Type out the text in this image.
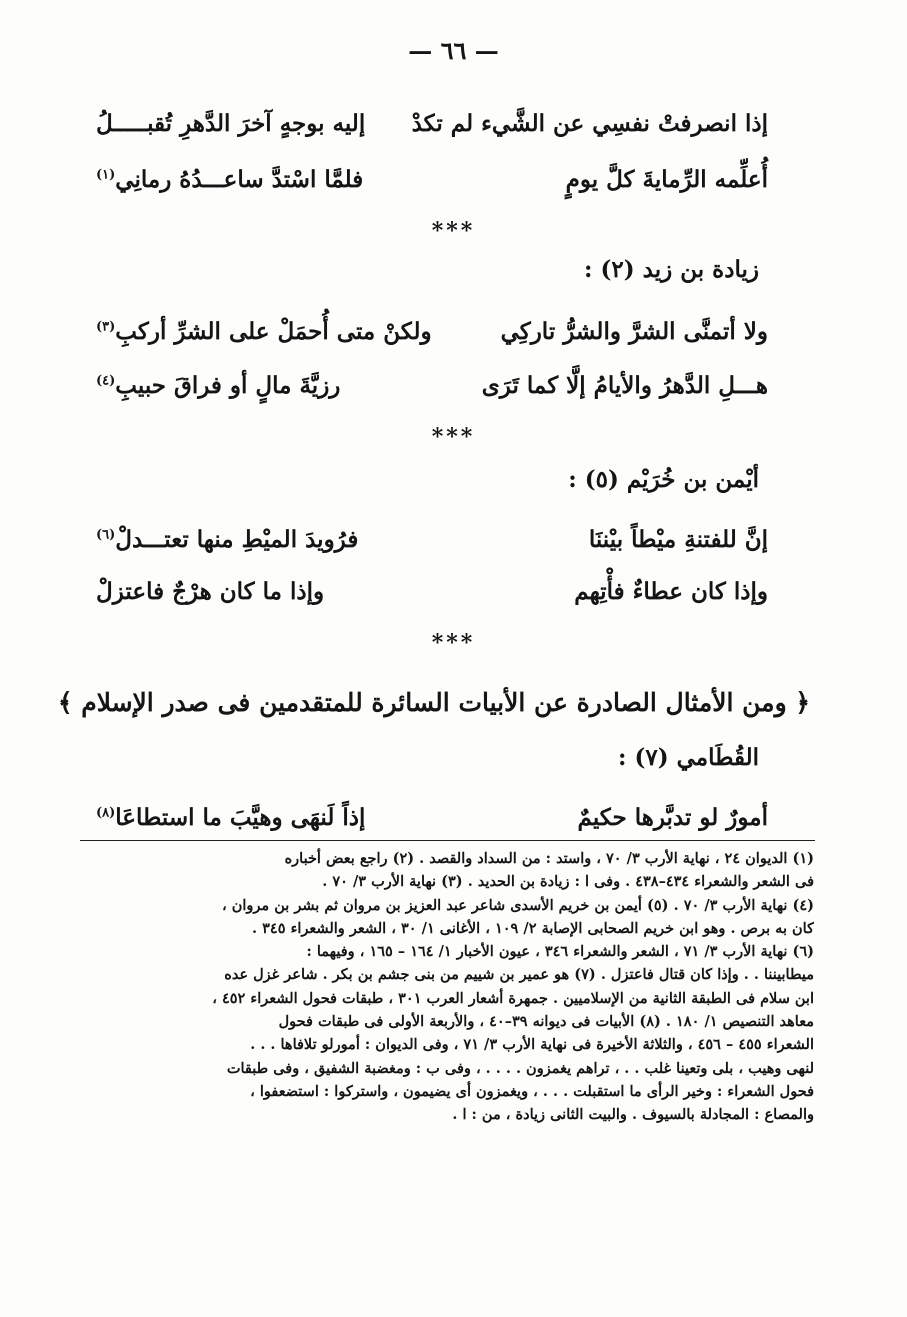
— ٦٦ —
إذا انصرفتْ نفسِي عن الشَّيء لم تكدْ
إليه بوجهٍ آخرَ الدَّهرِ تُقبـــــلُ
أُعلِّمه الرِّمايةَ كلَّ يومٍ
فلمَّا اسْتدَّ ساعـــدُهُ رمانِي$^{(١)}$
***
زيادة بن زيد (٢) :
ولا أتمنَّى الشرَّ والشرُّ تاركِي
ولكنْ متى أُحمَلْ على الشرِّ أركبِ$^{(٣)}$
هـــلِ الدَّهرُ والأيامُ إلَّا كما تَرَى
رزيَّةَ مالٍ أو فراقَ حبيبِ$^{(٤)}$
***
أيْمن بن خُرَيْم (٥) :
إنَّ للفتنةِ ميْطاً بيْننَا
فرُويدَ الميْطِ منها تعتـــدلْ$^{(٦)}$
وإذا كان عطاءٌ فأْتِهم
وإذا ما كان هرْجٌ فاعتزلْ
***
﴿ ومن الأمثال الصادرة عن الأبيات السائرة للمتقدمين فى صدر الإسلام ﴾
القُطَامي (٧) :
أمورٌ لو تدبَّرها حكيمٌ
إذاً لَنهَى وهيَّبَ ما استطاعَا$^{(٨)}$
(١) الديوان ٢٤ ، نهاية الأرب ٣/ ٧٠ ، واستد : من السداد والقصد . (٢) راجع بعض أخباره
فى الشعر والشعراء ٤٣٤–٤٣٨ . وفى ا : زيادة بن الحديد . (٣) نهاية الأرب ٣/ ٧٠ .
(٤) نهاية الأرب ٣/ ٧٠ . (٥) أيمن بن خريم الأسدى شاعر عبد العزيز بن مروان ثم بشر بن مروان ،
كان به برص . وهو ابن خريم الصحابى الإصابة ٢/ ١٠٩ ، الأغانى ١/ ٣٠ ، الشعر والشعراء ٣٤٥ .
(٦) نهاية الأرب ٣/ ٧١ ، الشعر والشعراء ٣٤٦ ، عيون الأخبار ١/ ١٦٤ – ١٦٥ ، وفيهما :
ميطابيننا . . وإذا كان قتال فاعتزل . (٧) هو عمير بن شييم من بنى جشم بن بكر . شاعر غزل عده
ابن سلام فى الطبقة الثانية من الإسلاميين . جمهرة أشعار العرب ٣٠١ ، طبقات فحول الشعراء ٤٥٢ ،
معاهد التنصيص ١/ ١٨٠ . (٨) الأبيات فى ديوانه ٣٩–٤٠ ، والأربعة الأولى فى طبقات فحول
الشعراء ٤٥٥ – ٤٥٦ ، والثلاثة الأخيرة فى نهاية الأرب ٣/ ٧١ ، وفى الديوان : أمورلو تلافاها . . .
لنهى وهيب ، بلى وتعينا غلب . . ، تراهم يغمزون . . . . ، وفى ب : ومغضبة الشفيق ، وفى طبقات
فحول الشعراء : وخير الرأى ما استقبلت . . . ، ويغمزون أى يضيمون ، واستركوا : استضعفوا ،
والمصاع : المجادلة بالسيوف . والبيت الثانى زيادة ، من : ا .
